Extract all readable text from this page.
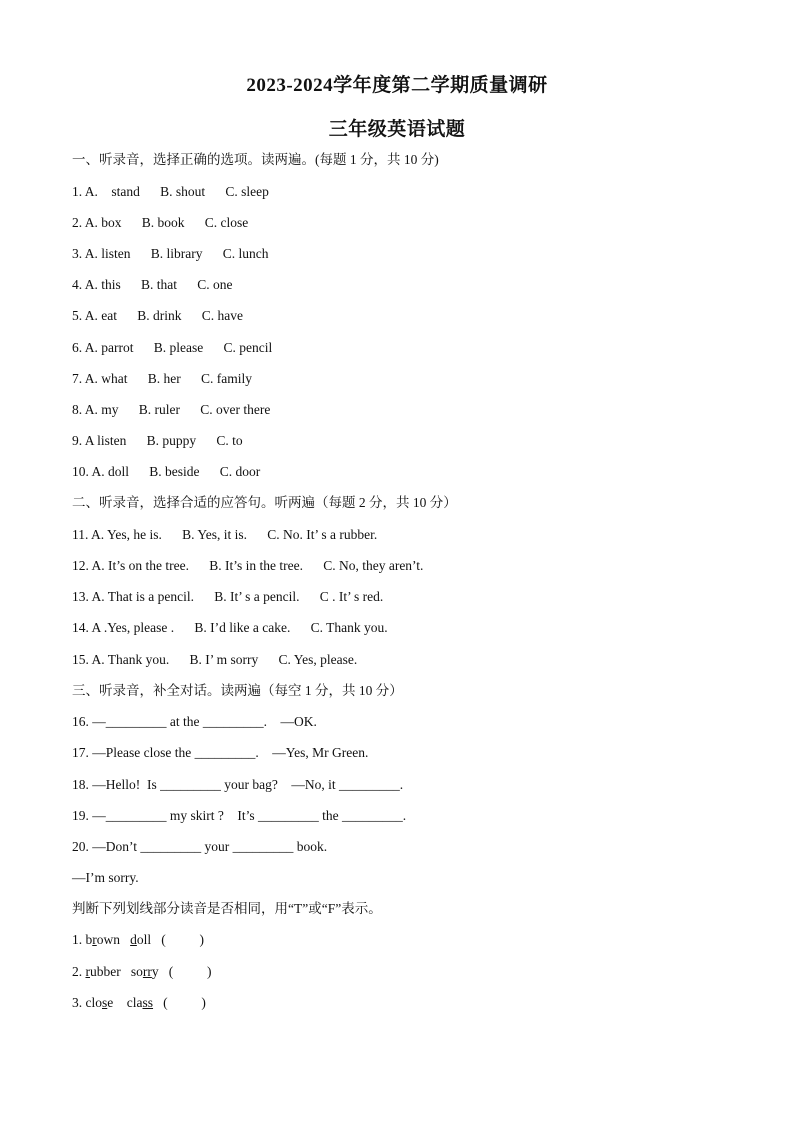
2023-2024学年度第二学期质量调研
三年级英语试题
一、听录音，选择正确的选项。读两遍。(每题 1 分，共 10 分)
1. A.    stand      B. shout      C. sleep
2. A. box      B. book      C. close
3. A. listen      B. library      C. lunch
4. A. this      B. that      C. one
5. A. eat      B. drink      C. have
6. A. parrot      B. please      C. pencil
7. A. what      B. her      C. family
8. A. my      B. ruler      C. over there
9. A listen      B. puppy      C. to
10. A. doll      B. beside      C. door
二、听录音，选择合适的应答句。听两遍（每题 2 分，共 10 分）
11. A. Yes, he is.      B. Yes, it is.      C. No. It’ s a rubber.
12. A. It’s on the tree.      B. It’s in the tree.      C. No, they aren’t.
13. A. That is a pencil.      B. It’ s a pencil.      C . It’ s red.
14. A .Yes, please .      B. I’d like a cake.      C. Thank you.
15. A. Thank you.      B. I’ m sorry      C. Yes, please.
三、听录音，补全对话。读两遍（每空 1 分，共 10 分）
16. —_________ at the _________.    —OK.
17. —Please close the _________.    —Yes, Mr Green.
18. —Hello!  Is _________ your bag?    —No, it _________.
19. —_________ my skirt ?    It’s _________ the _________.
20. —Don’t _________ your _________ book.
—I’m sorry.
判断下列划线部分读音是否相同，用“T”或“F”表示。
1. brown doll   (          )
2. rubber   sorry   (          )
3. close    class   (          )
